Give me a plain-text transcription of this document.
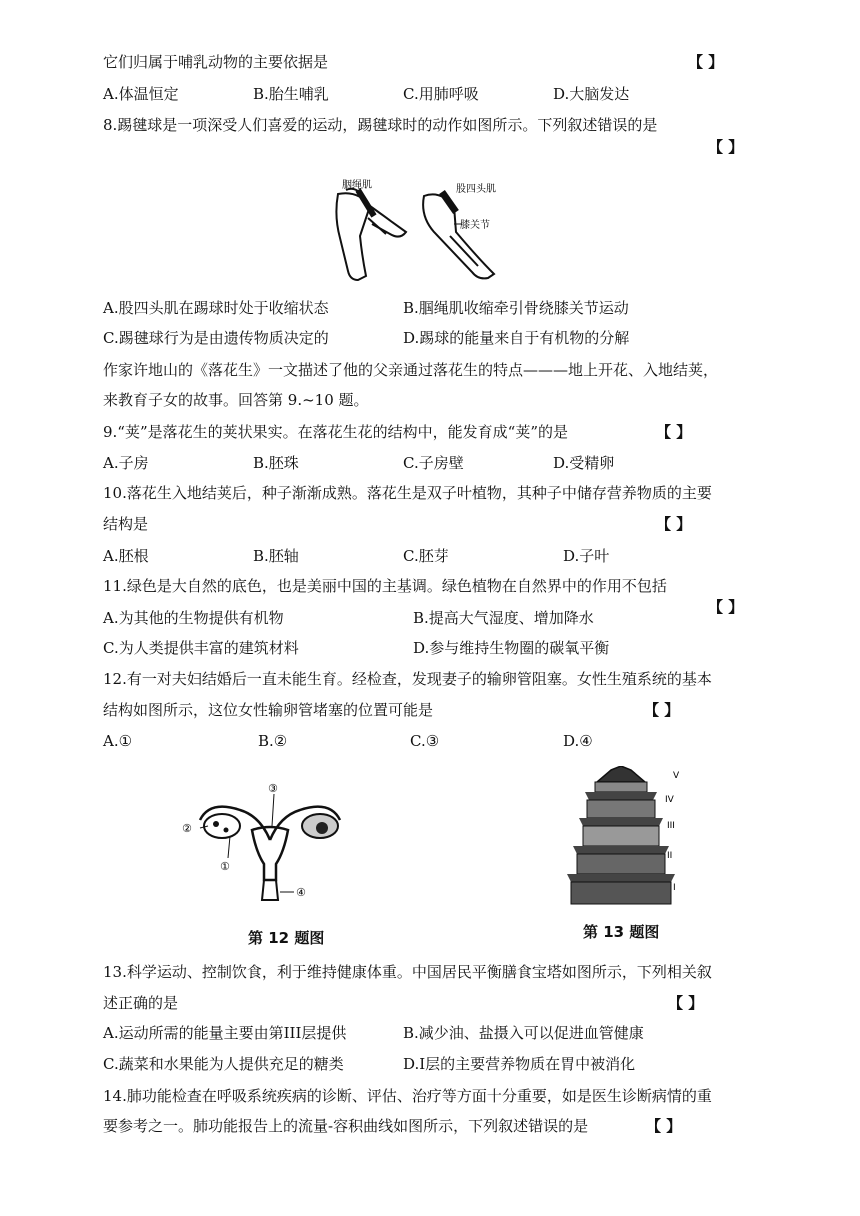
它们归属于哺乳动物的主要依据是	【 】
A.体温恒定	B.胎生哺乳	C.用肺呼吸	D.大脑发达
8.踢毽球是一项深受人们喜爱的运动，踢毽球时的动作如图所示。下列叙述错误的是
【 】
胭绳肌	股四头肌
膝关节
A.股四头肌在踢球时处于收缩状态	B.腘绳肌收缩牵引骨绕膝关节运动
C.踢毽球行为是由遗传物质决定的	D.踢球的能量来自于有机物的分解
作家许地山的《落花生》一文描述了他的父亲通过落花生的特点———地上开花、入地结荚，
来教育子女的故事。回答第 9.~10 题。
9.“荚”是落花生的荚状果实。在落花生花的结构中，能发育成“荚”的是	【 】
A.子房	B.胚珠	C.子房壁	D.受精卵
10.落花生入地结荚后，种子渐渐成熟。落花生是双子叶植物，其种子中储存营养物质的主要
结构是	【 】
A.胚根	B.胚轴	C.胚芽	D.子叶
11.绿色是大自然的底色，也是美丽中国的主基调。绿色植物在自然界中的作用不包括
【 】
A.为其他的生物提供有机物	B.提高大气湿度、增加降水
C.为人类提供丰富的建筑材料	D.参与维持生物圈的碳氧平衡
12.有一对夫妇结婚后一直未能生育。经检查，发现妻子的输卵管阻塞。女性生殖系统的基本
结构如图所示，这位女性输卵管堵塞的位置可能是	【 】
A.①	B.②	C.③	D.④
③
②
①
④
第 12 题图
V
IV
III
II
I
第 13 题图
13.科学运动、控制饮食，利于维持健康体重。中国居民平衡膳食宝塔如图所示，下列相关叙
述正确的是	【 】
A.运动所需的能量主要由第III层提供	B.减少油、盐摄入可以促进血管健康
C.蔬菜和水果能为人提供充足的糖类	D.Ⅰ层的主要营养物质在胃中被消化
14.肺功能检查在呼吸系统疾病的诊断、评估、治疗等方面十分重要，如是医生诊断病情的重
要参考之一。肺功能报告上的流量-容积曲线如图所示，下列叙述错误的是	【 】
